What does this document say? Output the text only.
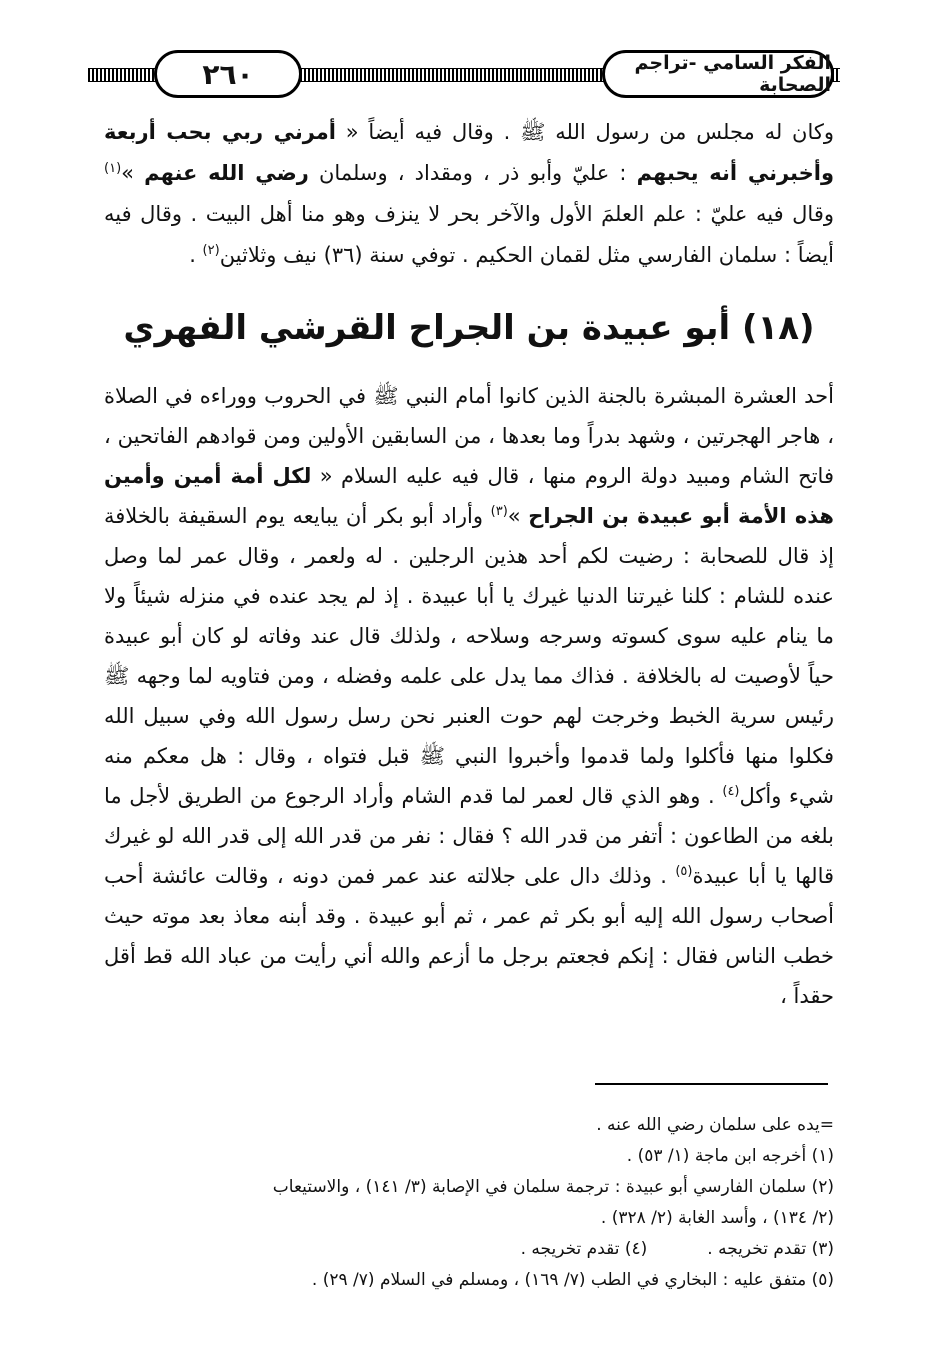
٢٦٠	الفكر السامي -تراجم الصحابة

وكان له مجلس من رسول الله ﷺ . وقال فيه أيضاً « أمرني ربي بحب أربعة وأخبرني أنه يحبهم : عليّ وأبو ذر ، ومقداد ، وسلمان رضي الله عنهم »$^{(١)}$ وقال فيه عليّ : علم العلمَ الأول والآخر بحر لا ينزف وهو منا أهل البيت . وقال فيه أيضاً : سلمان الفارسي مثل لقمان الحكيم . توفي سنة (٣٦) نيف وثلاثين$^{(٢)}$ .

(١٨) أبو عبيدة بن الجراح القرشي الفهري

أحد العشرة المبشرة بالجنة الذين كانوا أمام النبي ﷺ في الحروب ووراءه في الصلاة ، هاجر الهجرتين ، وشهد بدراً وما بعدها ، من السابقين الأولين ومن قوادهم الفاتحين ، فاتح الشام ومبيد دولة الروم منها ، قال فيه عليه السلام « لكل أمة أمين وأمين هذه الأمة أبو عبيدة بن الجراح »$^{(٣)}$ وأراد أبو بكر أن يبايعه يوم السقيفة بالخلافة إذ قال للصحابة : رضيت لكم أحد هذين الرجلين . له ولعمر ، وقال عمر لما وصل عنده للشام : كلنا غيرتنا الدنيا غيرك يا أبا عبيدة . إذ لم يجد عنده في منزله شيئاً ولا ما ينام عليه سوى كسوته وسرجه وسلاحه ، ولذلك قال عند وفاته لو كان أبو عبيدة حياً لأوصيت له بالخلافة . فذاك مما يدل على علمه وفضله ، ومن فتاويه لما وجهه ﷺ رئيس سرية الخبط وخرجت لهم حوت العنبر نحن رسل رسول الله وفي سبيل الله فكلوا منها فأكلوا ولما قدموا وأخبروا النبي ﷺ قبل فتواه ، وقال : هل معكم منه شيء وأكل$^{(٤)}$ . وهو الذي قال لعمر لما قدم الشام وأراد الرجوع من الطريق لأجل ما بلغه من الطاعون : أتفر من قدر الله ؟ فقال : نفر من قدر الله إلى قدر الله لو غيرك قالها يا أبا عبيدة$^{(٥)}$ . وذلك دال على جلالته عند عمر فمن دونه ، وقالت عائشة أحب أصحاب رسول الله إليه أبو بكر ثم عمر ، ثم أبو عبيدة . وقد أبنه معاذ بعد موته حيث خطب الناس فقال : إنكم فجعتم برجل ما أزعم والله أني رأيت من عباد الله قط أقل حقداً ،

=يده على سلمان رضي الله عنه .
(١) أخرجه ابن ماجة (١/ ٥٣) .
(٢) سلمان الفارسي أبو عبيدة : ترجمة سلمان في الإصابة (٣/ ١٤١) ، والاستيعاب
(٢/ ١٣٤) ، وأسد الغابة (٢/ ٣٢٨) .
(٣) تقدم تخريجه .(٤) تقدم تخريجه .
(٥) متفق عليه : البخاري في الطب (٧/ ١٦٩) ، ومسلم في السلام (٧/ ٢٩) .
